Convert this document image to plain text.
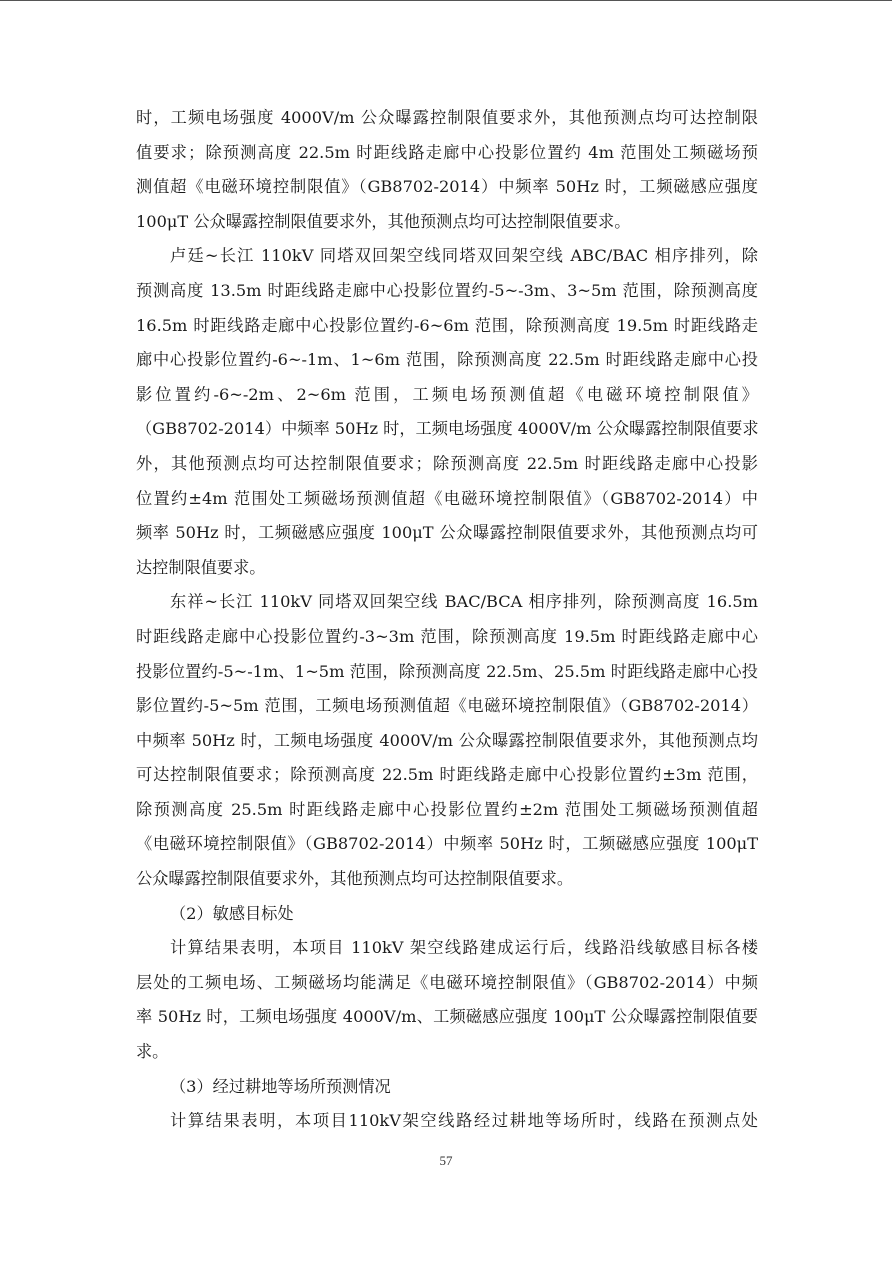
时，工频电场强度 4000V/m 公众曝露控制限值要求外，其他预测点均可达控制限
值要求；除预测高度 22.5m 时距线路走廊中心投影位置约 4m 范围处工频磁场预
测值超《电磁环境控制限值》（GB8702-2014）中频率 50Hz 时，工频磁感应强度
100μT 公众曝露控制限值要求外，其他预测点均可达控制限值要求。

卢廷~长江 110kV 同塔双回架空线同塔双回架空线 ABC/BAC 相序排列，除
预测高度 13.5m 时距线路走廊中心投影位置约-5~-3m、3~5m 范围，除预测高度
16.5m 时距线路走廊中心投影位置约-6~6m 范围，除预测高度 19.5m 时距线路走
廊中心投影位置约-6~-1m、1~6m 范围，除预测高度 22.5m 时距线路走廊中心投
影位置约-6~-2m、2~6m 范围，工频电场预测值超《电磁环境控制限值》
（GB8702-2014）中频率 50Hz 时，工频电场强度 4000V/m 公众曝露控制限值要求
外，其他预测点均可达控制限值要求；除预测高度 22.5m 时距线路走廊中心投影
位置约±4m 范围处工频磁场预测值超《电磁环境控制限值》（GB8702-2014）中
频率 50Hz 时，工频磁感应强度 100μT 公众曝露控制限值要求外，其他预测点均可
达控制限值要求。

东祥~长江 110kV 同塔双回架空线 BAC/BCA 相序排列，除预测高度 16.5m
时距线路走廊中心投影位置约-3~3m 范围，除预测高度 19.5m 时距线路走廊中心
投影位置约-5~-1m、1~5m 范围，除预测高度 22.5m、25.5m 时距线路走廊中心投
影位置约-5~5m 范围，工频电场预测值超《电磁环境控制限值》（GB8702-2014）
中频率 50Hz 时，工频电场强度 4000V/m 公众曝露控制限值要求外，其他预测点均
可达控制限值要求；除预测高度 22.5m 时距线路走廊中心投影位置约±3m 范围，
除预测高度 25.5m 时距线路走廊中心投影位置约±2m 范围处工频磁场预测值超
《电磁环境控制限值》（GB8702-2014）中频率 50Hz 时，工频磁感应强度 100μT
公众曝露控制限值要求外，其他预测点均可达控制限值要求。

（2）敏感目标处

计算结果表明，本项目 110kV 架空线路建成运行后，线路沿线敏感目标各楼
层处的工频电场、工频磁场均能满足《电磁环境控制限值》（GB8702-2014）中频
率 50Hz 时，工频电场强度 4000V/m、工频磁感应强度 100μT 公众曝露控制限值要
求。

（3）经过耕地等场所预测情况

计算结果表明，本项目110kV架空线路经过耕地等场所时，线路在预测点处

57
